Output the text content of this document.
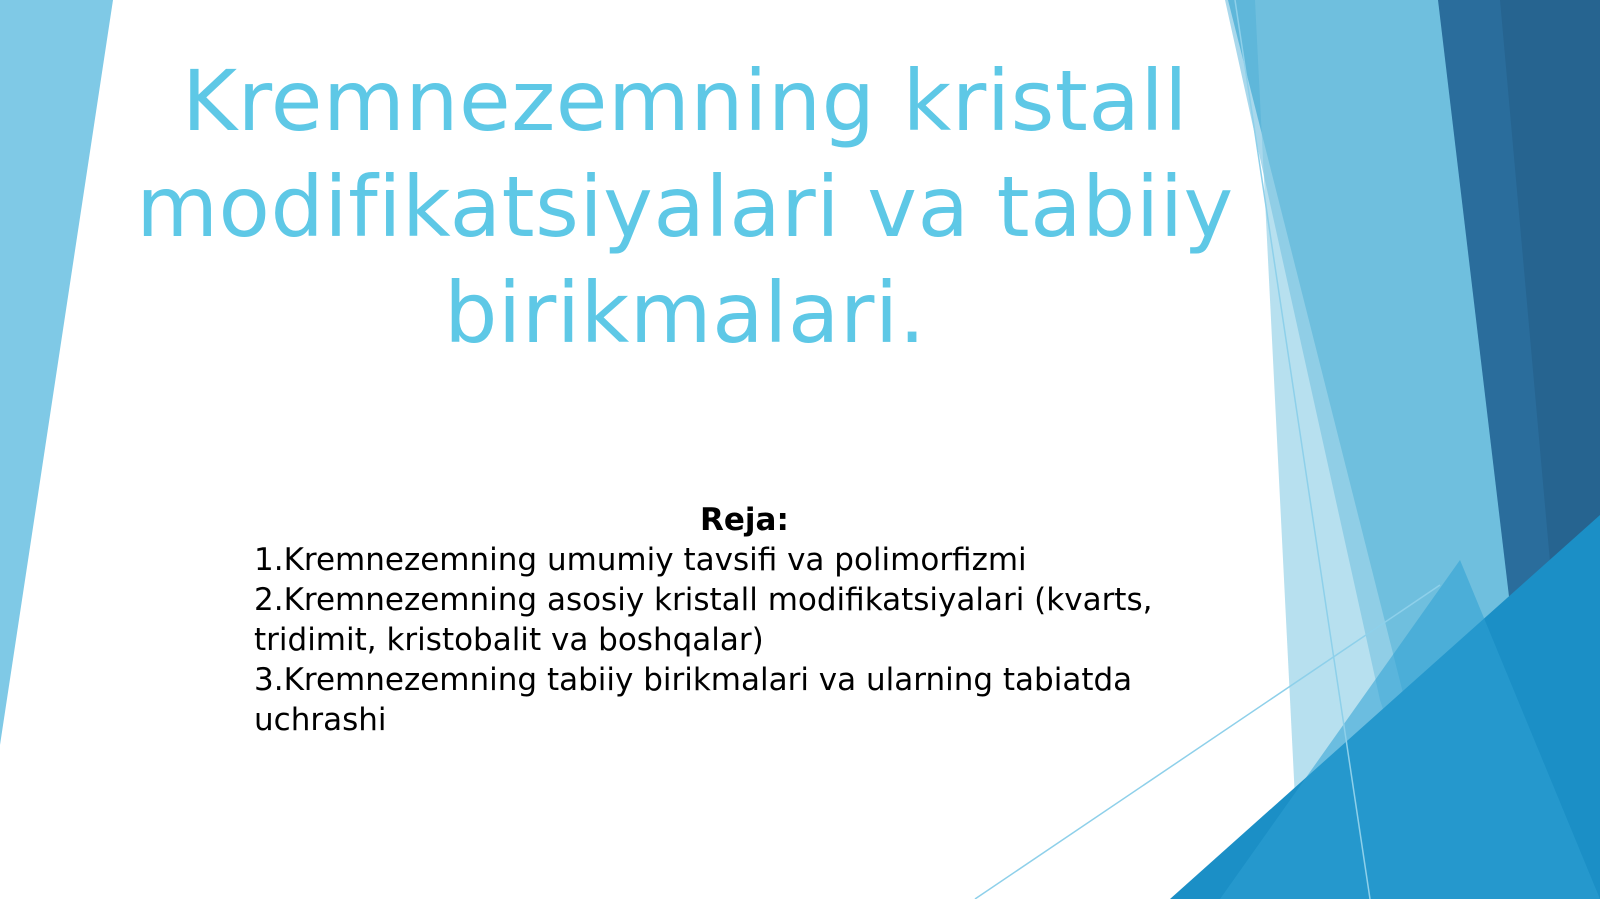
Kremnezemning kristall modifikatsiyalari va tabiiy birikmalari.
Reja:
1.Kremnezemning umumiy tavsifi va polimorfizmi
2.Kremnezemning asosiy kristall modifikatsiyalari (kvarts, tridimit, kristobalit va boshqalar)
3.Kremnezemning tabiiy birikmalari va ularning tabiatda uchrashi
